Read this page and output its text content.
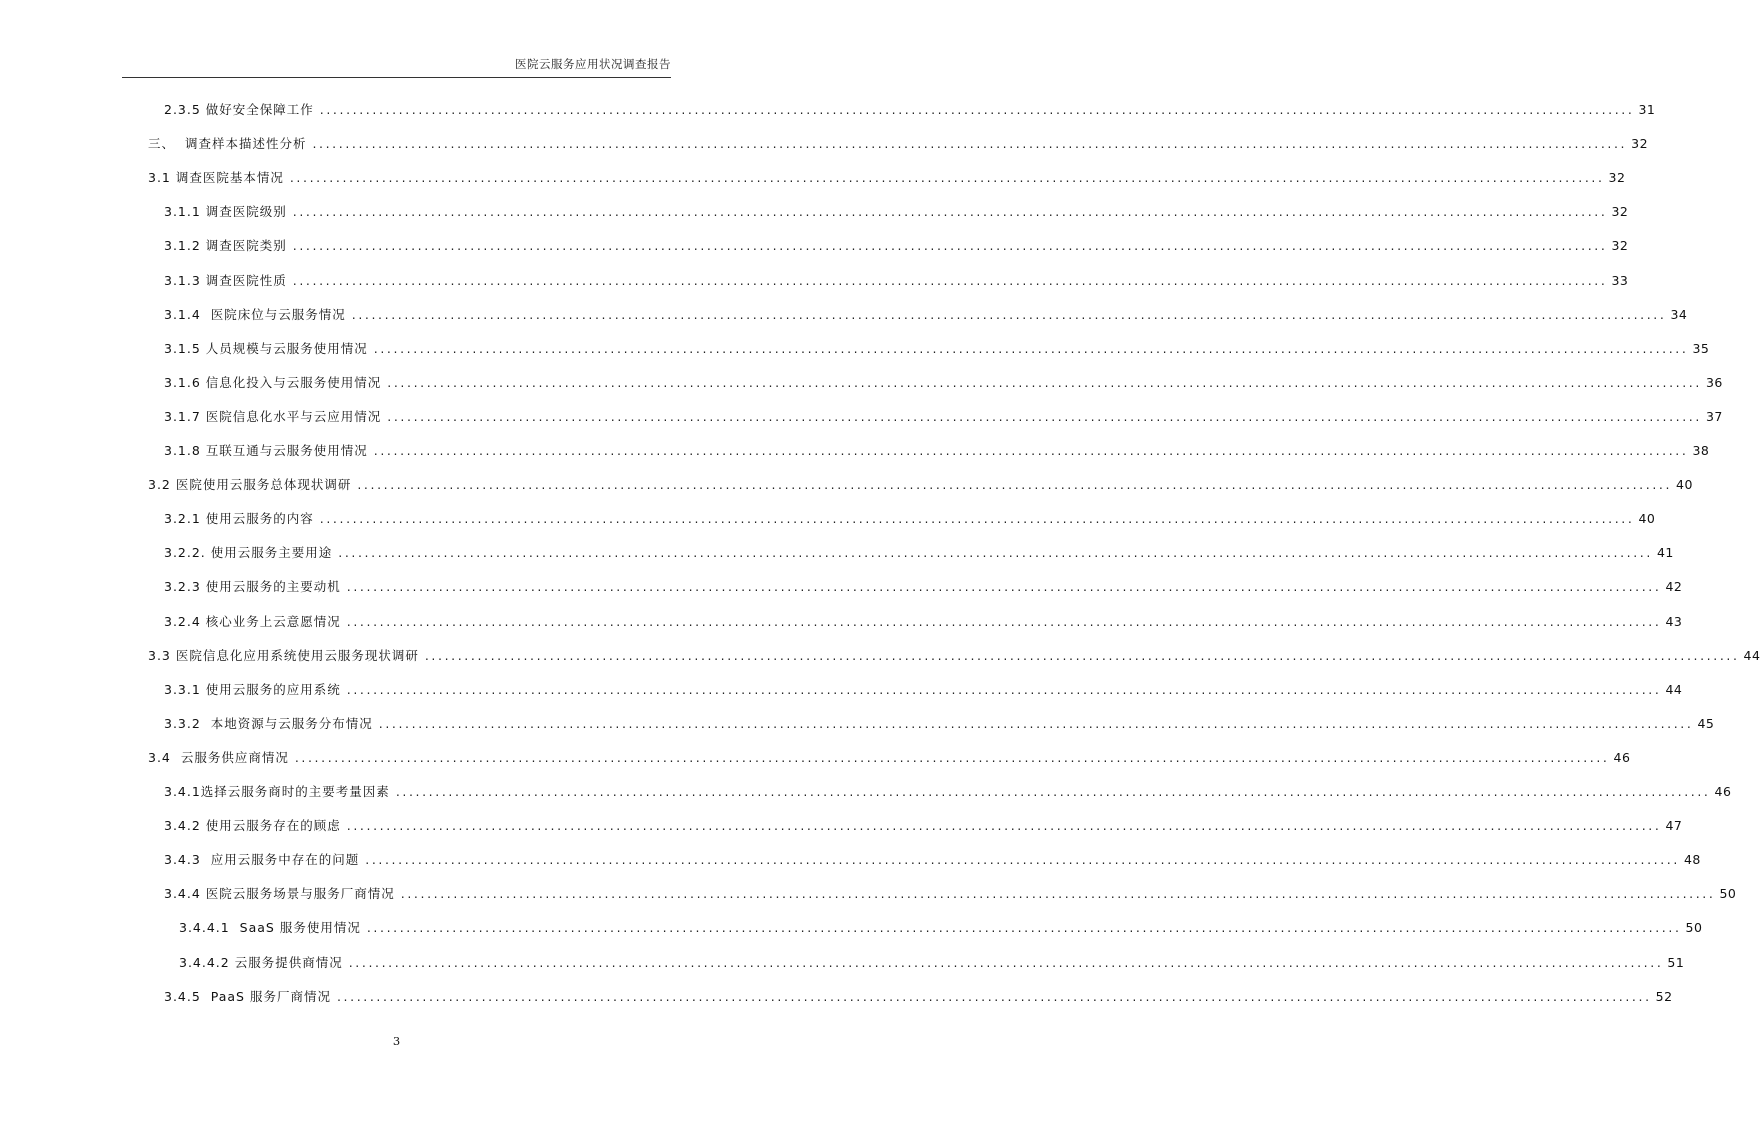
医院云服务应用状况调查报告
2.3.5 做好安全保障工作 ........................................................................................................................................................................................................ 31
三、  调查样本描述性分析 ........................................................................................................................................................................................................ 32
3.1 调查医院基本情况 ........................................................................................................................................................................................................ 32
3.1.1 调查医院级别 ........................................................................................................................................................................................................ 32
3.1.2 调查医院类别 ........................................................................................................................................................................................................ 32
3.1.3 调查医院性质 ........................................................................................................................................................................................................ 33
3.1.4  医院床位与云服务情况 ........................................................................................................................................................................................................ 34
3.1.5 人员规模与云服务使用情况 ........................................................................................................................................................................................................ 35
3.1.6 信息化投入与云服务使用情况 ........................................................................................................................................................................................................ 36
3.1.7 医院信息化水平与云应用情况 ........................................................................................................................................................................................................ 37
3.1.8 互联互通与云服务使用情况 ........................................................................................................................................................................................................ 38
3.2 医院使用云服务总体现状调研 ........................................................................................................................................................................................................ 40
3.2.1 使用云服务的内容 ........................................................................................................................................................................................................ 40
3.2.2. 使用云服务主要用途 ........................................................................................................................................................................................................ 41
3.2.3 使用云服务的主要动机 ........................................................................................................................................................................................................ 42
3.2.4 核心业务上云意愿情况 ........................................................................................................................................................................................................ 43
3.3 医院信息化应用系统使用云服务现状调研 ........................................................................................................................................................................................................ 44
3.3.1 使用云服务的应用系统 ........................................................................................................................................................................................................ 44
3.3.2  本地资源与云服务分布情况 ........................................................................................................................................................................................................ 45
3.4  云服务供应商情况 ........................................................................................................................................................................................................ 46
3.4.1选择云服务商时的主要考量因素 ........................................................................................................................................................................................................ 46
3.4.2 使用云服务存在的顾虑 ........................................................................................................................................................................................................ 47
3.4.3  应用云服务中存在的问题 ........................................................................................................................................................................................................ 48
3.4.4 医院云服务场景与服务厂商情况 ........................................................................................................................................................................................................ 50
3.4.4.1  SaaS 服务使用情况 ........................................................................................................................................................................................................ 50
3.4.4.2 云服务提供商情况 ........................................................................................................................................................................................................ 51
3.4.5  PaaS 服务厂商情况 ........................................................................................................................................................................................................ 52
3
